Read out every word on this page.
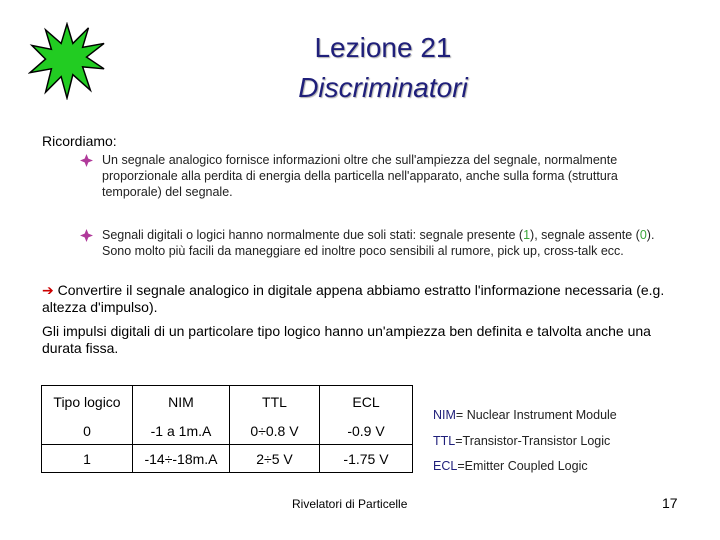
Lezione 21
Discriminatori
Ricordiamo:
Un segnale analogico fornisce informazioni oltre che sull'ampiezza del segnale, normalmente proporzionale alla perdita di energia della particella nell'apparato, anche sulla forma (struttura temporale) del segnale.
Segnali digitali o logici hanno normalmente due soli stati: segnale presente (1), segnale assente (0). Sono molto più facili da maneggiare ed inoltre poco sensibili al rumore, pick up, cross-talk ecc.
➔ Convertire il segnale analogico in digitale appena abbiamo estratto l'informazione necessaria (e.g. altezza d'impulso).
Gli impulsi digitali di un particolare tipo logico hanno un'ampiezza ben definita e talvolta anche una durata fissa.
Tipo logico	NIM	TTL	ECL
0	-1 a 1m.A	0÷0.8 V	-0.9 V
1	-14÷-18m.A	2÷5 V	-1.75 V
NIM= Nuclear Instrument Module
TTL=Transistor-Transistor Logic
ECL=Emitter Coupled Logic
Rivelatori di Particelle	17
